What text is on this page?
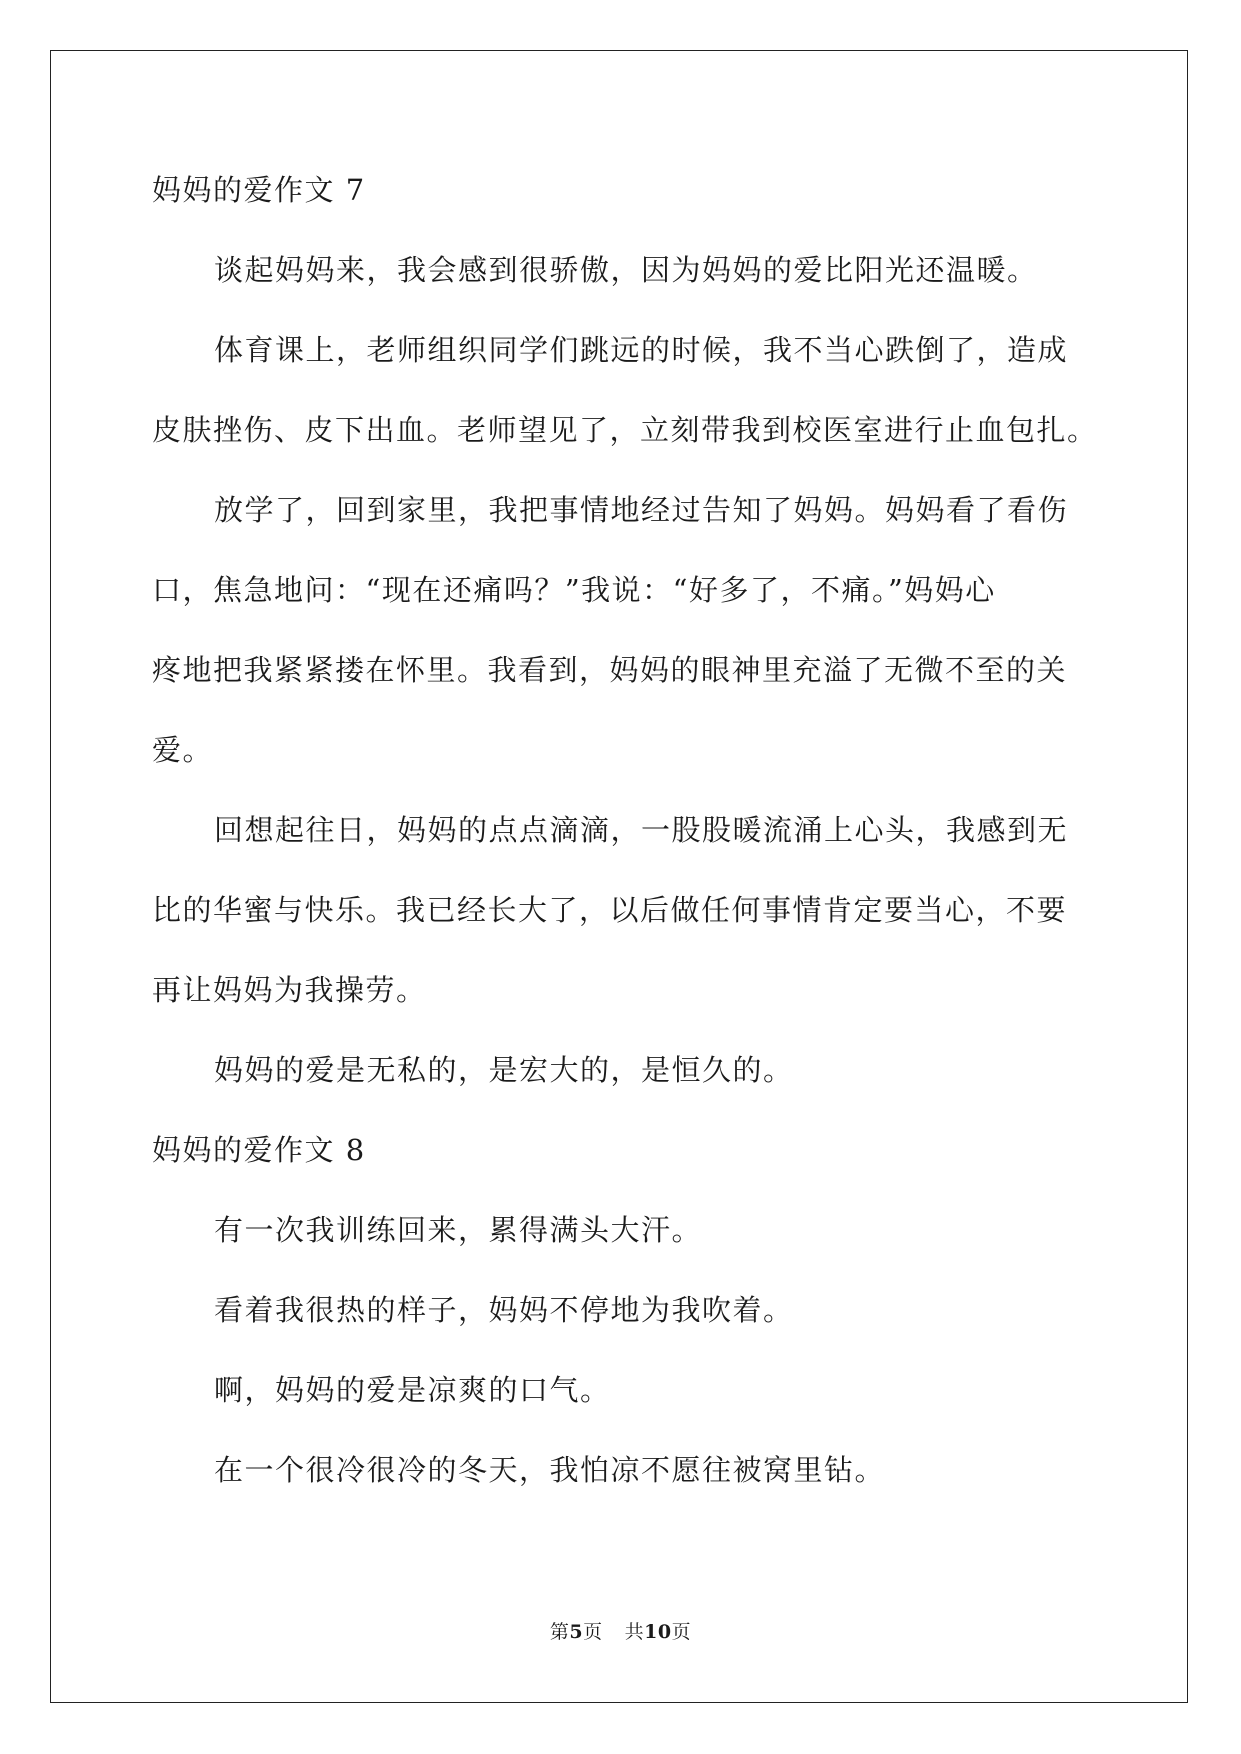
妈妈的爱作文 7
谈起妈妈来，我会感到很骄傲，因为妈妈的爱比阳光还温暖。
体育课上，老师组织同学们跳远的时候，我不当心跌倒了，造成
皮肤挫伤、皮下出血。老师望见了，立刻带我到校医室进行止血包扎。
放学了，回到家里，我把事情地经过告知了妈妈。妈妈看了看伤
口，焦急地问：“现在还痛吗？”我说：“好多了，不痛。”妈妈心
疼地把我紧紧搂在怀里。我看到，妈妈的眼神里充溢了无微不至的关
爱。
回想起往日，妈妈的点点滴滴，一股股暖流涌上心头，我感到无
比的华蜜与快乐。我已经长大了，以后做任何事情肯定要当心，不要
再让妈妈为我操劳。
妈妈的爱是无私的，是宏大的，是恒久的。
妈妈的爱作文 8
有一次我训练回来，累得满头大汗。
看着我很热的样子，妈妈不停地为我吹着。
啊，妈妈的爱是凉爽的口气。
在一个很冷很冷的冬天，我怕凉不愿往被窝里钻。
第5页 共10页
